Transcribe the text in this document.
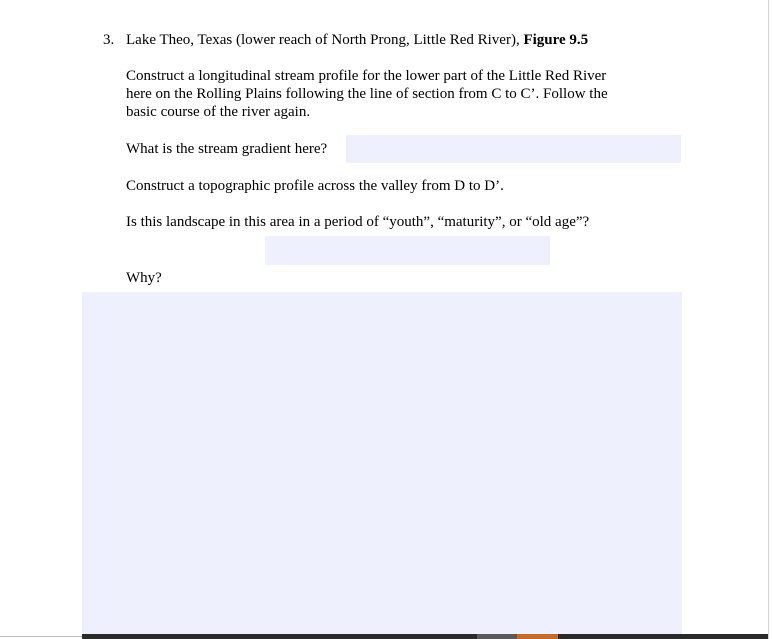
3. Lake Theo, Texas (lower reach of North Prong, Little Red River), Figure 9.5
Construct a longitudinal stream profile for the lower part of the Little Red River
here on the Rolling Plains following the line of section from C to C’. Follow the
basic course of the river again.
What is the stream gradient here?
Construct a topographic profile across the valley from D to D’.
Is this landscape in this area in a period of “youth”, “maturity”, or “old age”?
Why?
